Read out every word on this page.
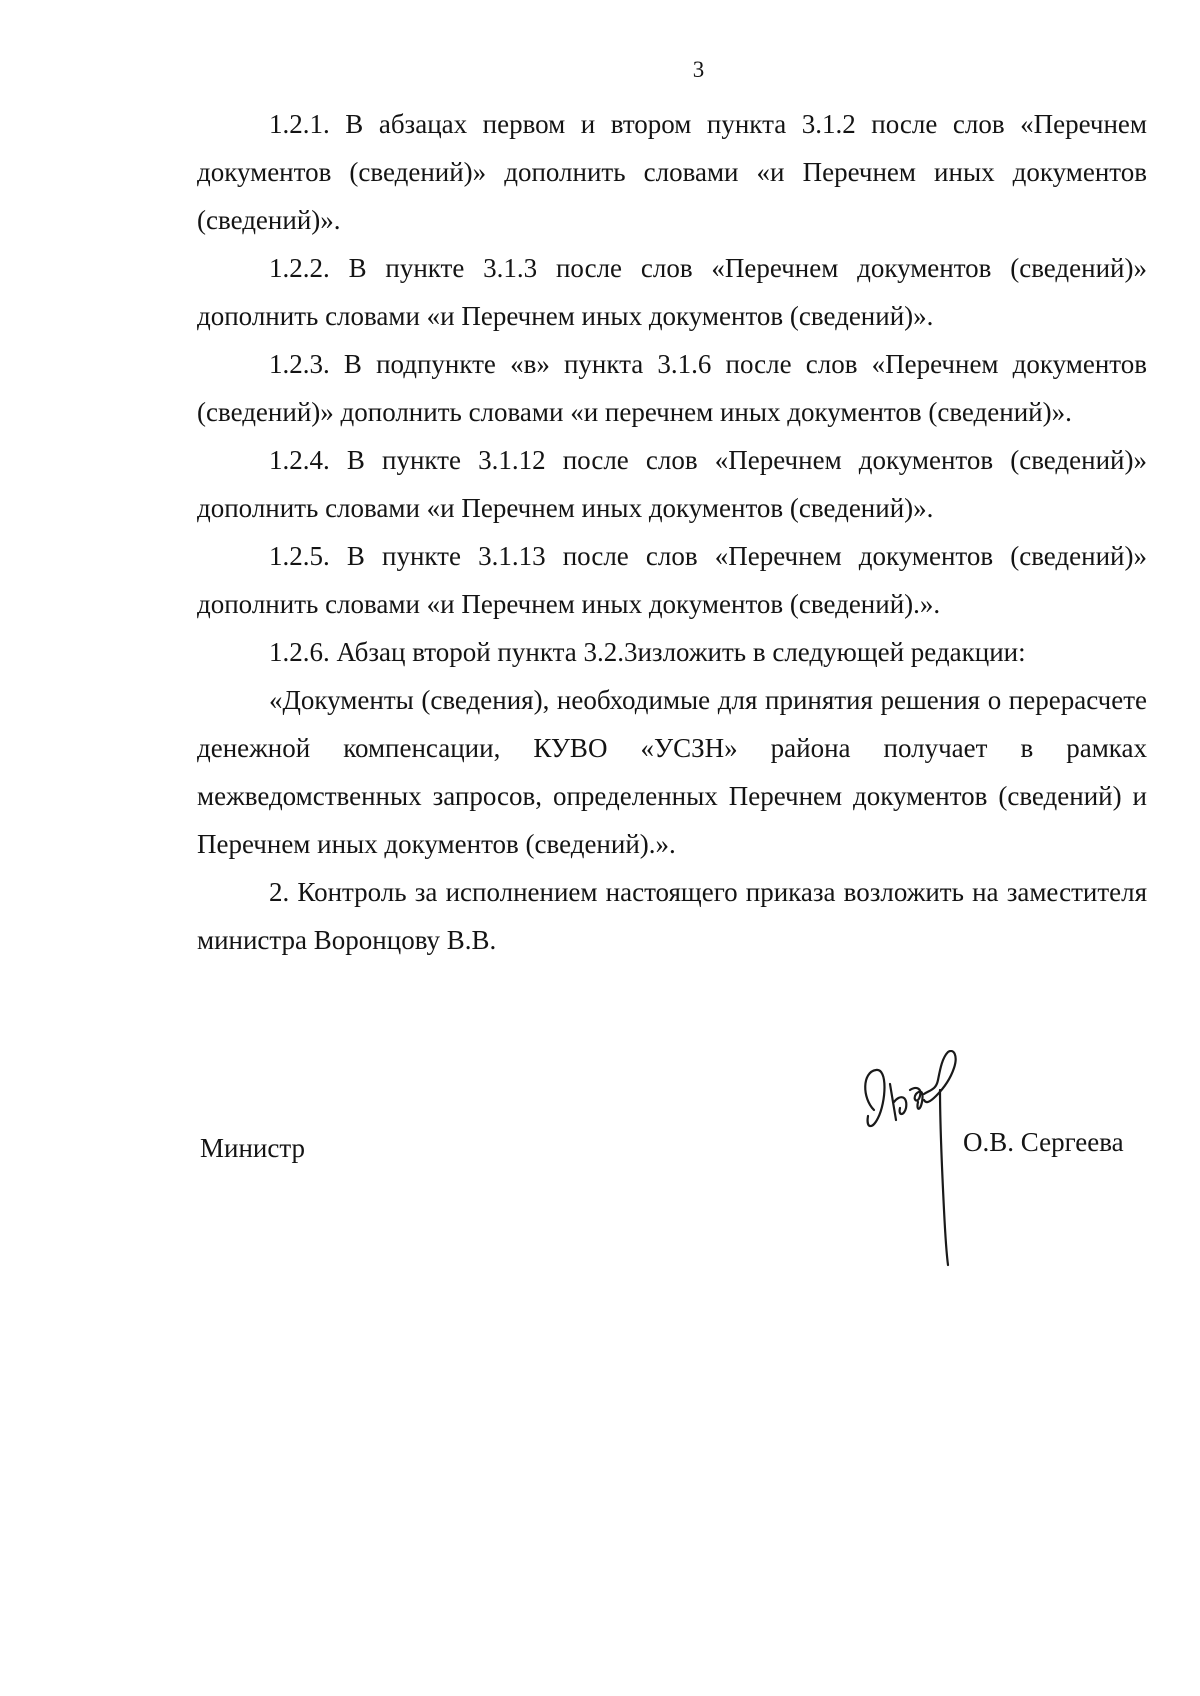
3

1.2.1. В абзацах первом и втором пункта 3.1.2 после слов «Перечнем документов (сведений)» дополнить словами «и Перечнем иных документов (сведений)».

1.2.2. В пункте 3.1.3 после слов «Перечнем документов (сведений)» дополнить словами «и Перечнем иных документов (сведений)».

1.2.3. В подпункте «в» пункта 3.1.6 после слов «Перечнем документов (сведений)» дополнить словами «и перечнем иных документов (сведений)».

1.2.4. В пункте 3.1.12 после слов «Перечнем документов (сведений)» дополнить словами «и Перечнем иных документов (сведений)».

1.2.5. В пункте 3.1.13 после слов «Перечнем документов (сведений)» дополнить словами «и Перечнем иных документов (сведений).».

1.2.6. Абзац второй пункта 3.2.3изложить в следующей редакции:

«Документы (сведения), необходимые для принятия решения о перерасчете денежной компенсации, КУВО «УСЗН» района получает в рамках межведомственных запросов, определенных Перечнем документов (сведений) и Перечнем иных документов (сведений).».

2. Контроль за исполнением настоящего приказа возложить на заместителя министра Воронцову В.В.

Министр	О.В. Сергеева
